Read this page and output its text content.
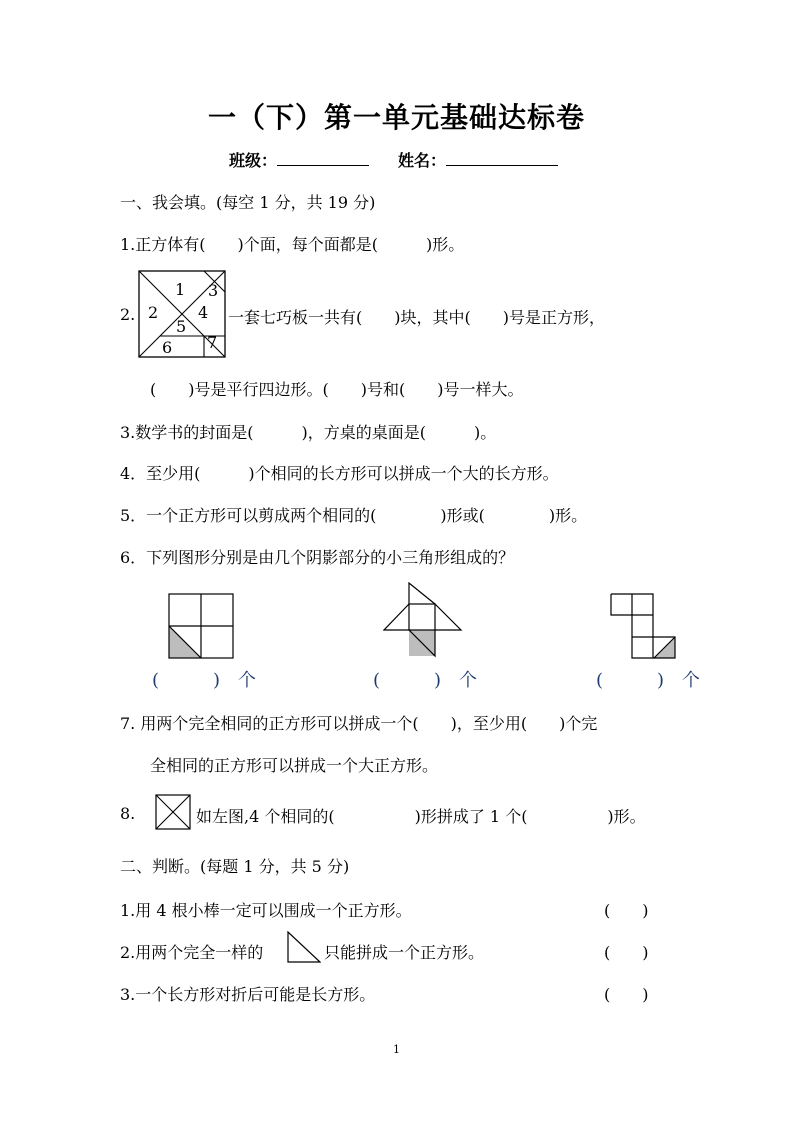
一（下）第一单元基础达标卷
班级：	姓名：
一、我会填。(每空 1 分，共 19 分)
1.正方体有(　　)个面，每个面都是(　　　)形。
2.
1
2
3
4
5
6 7
一套七巧板一共有(　　)块，其中(　　)号是正方形，
(　　)号是平行四边形。(　　)号和(　　)号一样大。
3.数学书的封面是(　　　)，方桌的桌面是(　　　)。
4．至少用(　　　)个相同的长方形可以拼成一个大的长方形。
5．一个正方形可以剪成两个相同的(　　　　)形或(　　　　)形。
6．下列图形分别是由几个阴影部分的小三角形组成的？
(　　　)　个	(　　　)　个	(　　　)　个
7. 用两个完全相同的正方形可以拼成一个(　　)，至少用(　　)个完
全相同的正方形可以拼成一个大正方形。
8.	如左图,4 个相同的(　　　　　)形拼成了 1 个(　　　　　)形。
二、判断。(每题 1 分，共 5 分)
1.用 4 根小棒一定可以围成一个正方形。	(　　)
2.用两个完全一样的	只能拼成一个正方形。	(　　)
3.一个长方形对折后可能是长方形。	(　　)
1
